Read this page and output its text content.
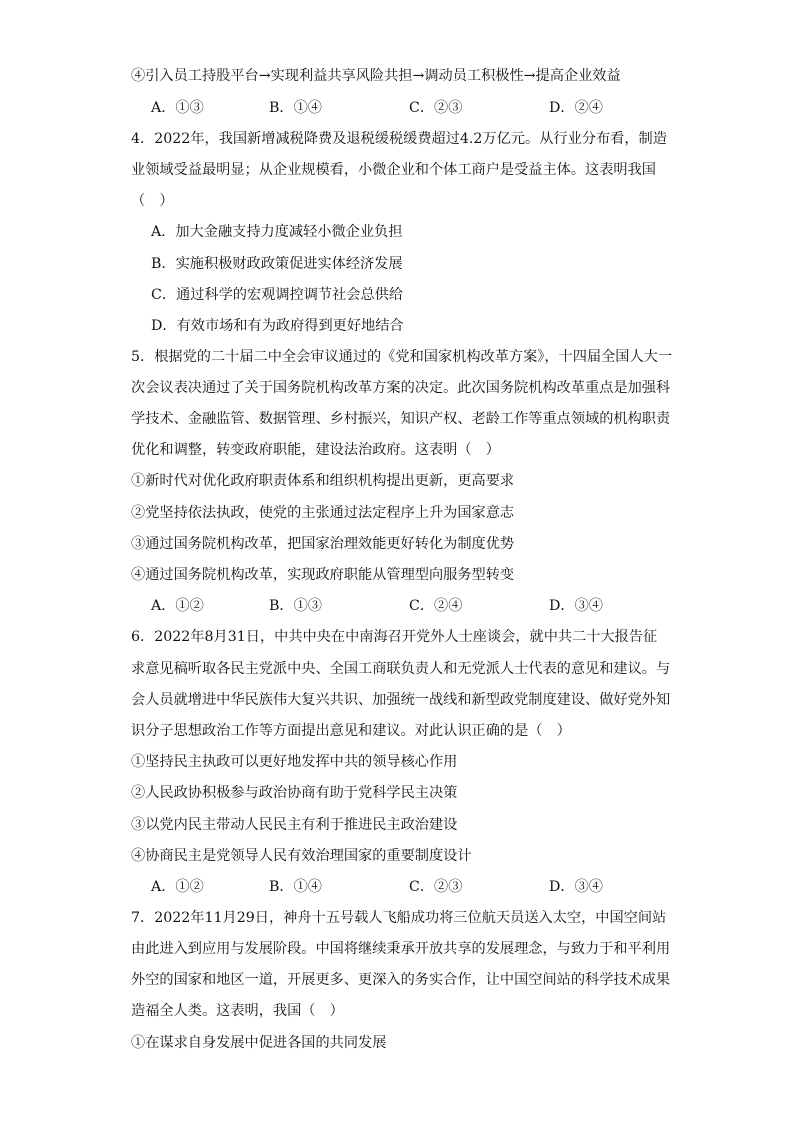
④引入员工持股平台→实现利益共享风险共担→调动员工积极性→提高企业效益
A．①③	B．①④	C．②③	D．②④
4．2022年，我国新增减税降费及退税缓税缓费超过4.2万亿元。从行业分布看，制造
业领域受益最明显；从企业规模看，小微企业和个体工商户是受益主体。这表明我国
（　）
A．加大金融支持力度减轻小微企业负担
B．实施积极财政政策促进实体经济发展
C．通过科学的宏观调控调节社会总供给
D．有效市场和有为政府得到更好地结合
5．根据党的二十届二中全会审议通过的《党和国家机构改革方案》，十四届全国人大一
次会议表决通过了关于国务院机构改革方案的决定。此次国务院机构改革重点是加强科
学技术、金融监管、数据管理、乡村振兴，知识产权、老龄工作等重点领域的机构职责
优化和调整，转变政府职能，建设法治政府。这表明（　）
①新时代对优化政府职责体系和组织机构提出更新，更高要求
②党坚持依法执政，使党的主张通过法定程序上升为国家意志
③通过国务院机构改革，把国家治理效能更好转化为制度优势
④通过国务院机构改革，实现政府职能从管理型向服务型转变
A．①②	B．①③	C．②④	D．③④
6．2022年8月31日，中共中央在中南海召开党外人士座谈会，就中共二十大报告征
求意见稿听取各民主党派中央、全国工商联负责人和无党派人士代表的意见和建议。与
会人员就增进中华民族伟大复兴共识、加强统一战线和新型政党制度建设、做好党外知
识分子思想政治工作等方面提出意见和建议。对此认识正确的是（　）
①坚持民主执政可以更好地发挥中共的领导核心作用
②人民政协积极参与政治协商有助于党科学民主决策
③以党内民主带动人民民主有利于推进民主政治建设
④协商民主是党领导人民有效治理国家的重要制度设计
A．①②	B．①④	C．②③	D．③④
7．2022年11月29日，神舟十五号载人飞船成功将三位航天员送入太空，中国空间站
由此进入到应用与发展阶段。中国将继续秉承开放共享的发展理念，与致力于和平利用
外空的国家和地区一道，开展更多、更深入的务实合作，让中国空间站的科学技术成果
造福全人类。这表明，我国（　）
①在谋求自身发展中促进各国的共同发展
